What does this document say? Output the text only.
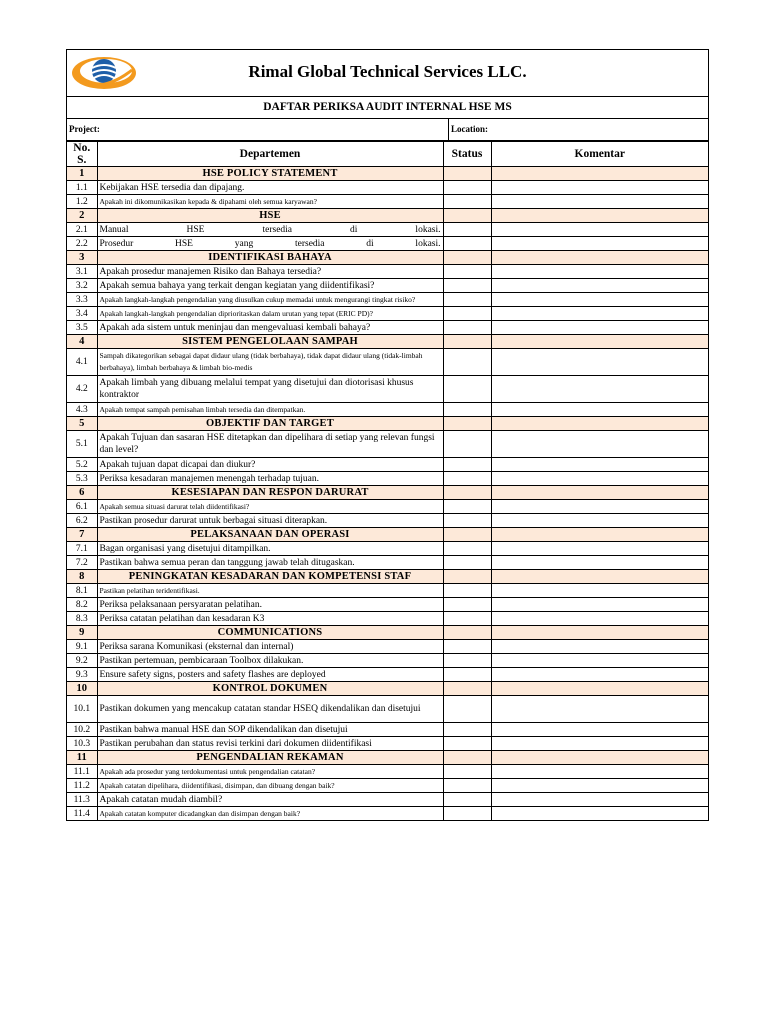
Rimal Global Technical Services LLC.
DAFTAR PERIKSA AUDIT INTERNAL HSE MS
Project:	Location:
No. S.	Departemen	Status	Komentar
1	HSE POLICY STATEMENT		
1.1	Kebijakan HSE tersedia dan dipajang.		
1.2	Apakah ini dikomunikasikan kepada & dipahami oleh semua karyawan?		
2	HSE		
2.1	Manual HSE tersedia di lokasi.		
2.2	Prosedur HSE yang tersedia di lokasi.		
3	IDENTIFIKASI BAHAYA		
3.1	Apakah prosedur manajemen Risiko dan Bahaya tersedia?		
3.2	Apakah semua bahaya yang terkait dengan kegiatan yang diidentifikasi?		
3.3	Apakah langkah-langkah pengendalian yang diusulkan cukup memadai untuk mengurangi tingkat risiko?		
3.4	Apakah langkah-langkah pengendalian diprioritaskan dalam urutan yang tepat (ERIC PD)?		
3.5	Apakah ada sistem untuk meninjau dan mengevaluasi kembali bahaya?		
4	SISTEM PENGELOLAAN SAMPAH		
4.1	Sampah dikategorikan sebagai dapat didaur ulang (tidak berbahaya), tidak dapat didaur ulang (tidak-limbah berbahaya), limbah berbahaya & limbah bio-medis		
4.2	Apakah limbah yang dibuang melalui tempat yang disetujui dan diotorisasi khusus kontraktor		
4.3	Apakah tempat sampah pemisahan limbah tersedia dan ditempatkan.		
5	OBJEKTIF DAN TARGET		
5.1	Apakah Tujuan dan sasaran HSE ditetapkan dan dipelihara di setiap yang relevan fungsi dan level?		
5.2	Apakah tujuan dapat dicapai dan diukur?		
5.3	Periksa kesadaran manajemen menengah terhadap tujuan.		
6	KESESIAPAN DAN RESPON DARURAT		
6.1	Apakah semua situasi darurat telah diidentifikasi?		
6.2	Pastikan prosedur darurat untuk berbagai situasi diterapkan.		
7	PELAKSANAAN DAN OPERASI		
7.1	Bagan organisasi yang disetujui ditampilkan.		
7.2	Pastikan bahwa semua peran dan tanggung jawab telah ditugaskan.		
8	PENINGKATAN KESADARAN DAN KOMPETENSI STAF		
8.1	Pastikan pelatihan teridentifikasi.		
8.2	Periksa pelaksanaan persyaratan pelatihan.		
8.3	Periksa catatan pelatihan dan kesadaran K3		
9	COMMUNICATIONS		
9.1	Periksa sarana Komunikasi (eksternal dan internal)		
9.2	Pastikan pertemuan, pembicaraan Toolbox dilakukan.		
9.3	Ensure safety signs, posters and safety flashes are deployed		
10	KONTROL DOKUMEN		
10.1	Pastikan dokumen yang mencakup catatan standar HSEQ dikendalikan dan disetujui		
10.2	Pastikan bahwa manual HSE dan SOP dikendalikan dan disetujui		
10.3	Pastikan perubahan dan status revisi terkini dari dokumen diidentifikasi		
11	PENGENDALIAN REKAMAN		
11.1	Apakah ada prosedur yang terdokumentasi untuk pengendalian catatan?		
11.2	Apakah catatan dipelihara, diidentifikasi, disimpan, dan dibuang dengan baik?		
11.3	Apakah catatan mudah diambil?		
11.4	Apakah catatan komputer dicadangkan dan disimpan dengan baik?		
